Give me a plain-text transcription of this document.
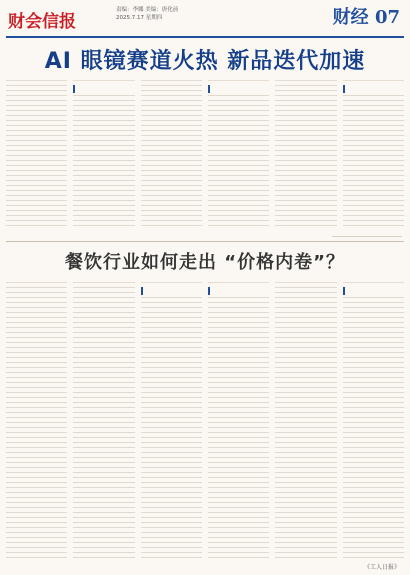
财会信报
责编：李娜 美编：唐化前
2025.7.17 星期四	财经 07
AI 眼镜赛道火热 新品迭代加速
餐饮行业如何走出 “价格内卷”？
《工人日报》
